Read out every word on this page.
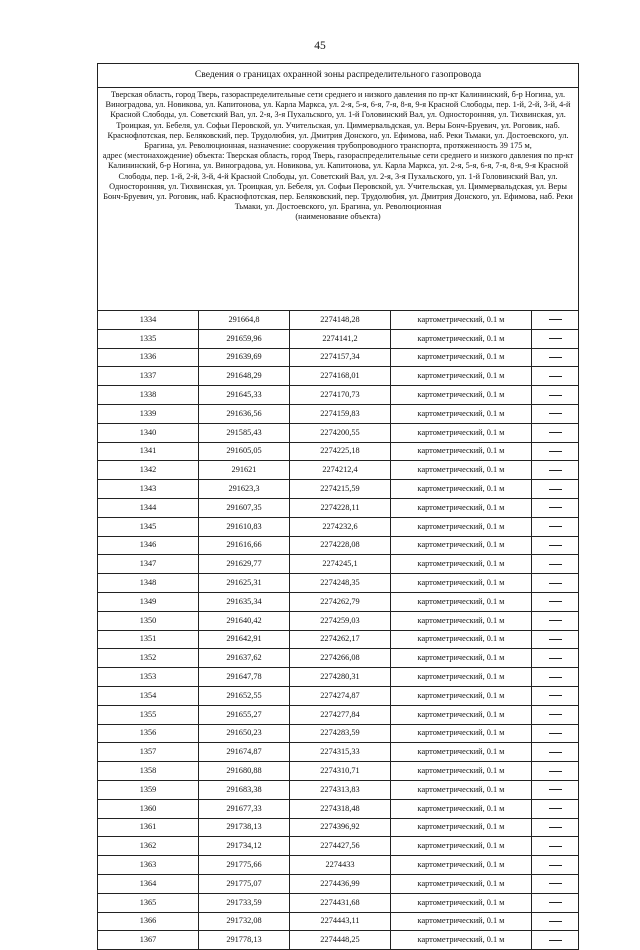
45
Сведения о границах охранной зоны распределительного газопровода				

Тверская область, город Тверь, газораспределительные сети среднего и низкого давления по пр-кт Калининский, б-р Ногина, ул. Виноградова, ул. Новикова, ул. Капитонова, ул. Карла Маркса, ул. 2-я, 5-я, 6-я, 7-я, 8-я, 9-я Красной Слободы, пер. 1-й, 2-й, 3-й, 4-й Красной Слободы, ул. Советский Вал, ул. 2-я, 3-я Пухальского, ул. 1-й Головинский Вал, ул. Односторонняя, ул. Тихвинская, ул. Троицкая, ул. Бебеля, ул. Софьи Перовской, ул. Учительская, ул. Циммервальдская, ул. Веры Бонч-Бруевич, ул. Роговик, наб. Краснофлотская, пер. Беляковский, пер. Трудолюбия, ул. Дмитрия Донского, ул. Ефимова, наб. Реки Тьмаки, ул. Достоевского, ул. Брагина, ул. Революционная, назначение: сооружения трубопроводного транспорта, протяженность 39 175 м,
адрес (местонахождение) объекта: Тверская область, город Тверь, газораспределительные сети среднего и низкого давления по пр-кт Калининский, б-р Ногина, ул. Виноградова, ул. Новикова, ул. Капитонова, ул. Карла Маркса, ул. 2-я, 5-я, 6-я, 7-я, 8-я, 9-я Красной Слободы, пер. 1-й, 2-й, 3-й, 4-й Красной Слободы, ул. Советский Вал, ул. 2-я, 3-я Пухальского, ул. 1-й Головинский Вал, ул. Односторонняя, ул. Тихвинская, ул. Троицкая, ул. Бебеля, ул. Софьи Перовской, ул. Учительская, ул. Циммервальдская, ул. Веры Бонч-Бруевич, ул. Роговик, наб. Краснофлотская, пер. Беляковский, пер. Трудолюбия, ул. Дмитрия Донского, ул. Ефимова, наб. Реки Тьмаки, ул. Достоевского, ул. Брагина, ул. Революционная
(наименование объекта)				

1334	291664,8	2274148,28	картометрический, 0.1 м	
1335	291659,96	2274141,2	картометрический, 0.1 м	
1336	291639,69	2274157,34	картометрический, 0.1 м	
1337	291648,29	2274168,01	картометрический, 0.1 м	
1338	291645,33	2274170,73	картометрический, 0.1 м	
1339	291636,56	2274159,83	картометрический, 0.1 м	
1340	291585,43	2274200,55	картометрический, 0.1 м	
1341	291605,05	2274225,18	картометрический, 0.1 м	
1342	291621	2274212,4	картометрический, 0.1 м	
1343	291623,3	2274215,59	картометрический, 0.1 м	
1344	291607,35	2274228,11	картометрический, 0.1 м	
1345	291610,83	2274232,6	картометрический, 0.1 м	
1346	291616,66	2274228,08	картометрический, 0.1 м	
1347	291629,77	2274245,1	картометрический, 0.1 м	
1348	291625,31	2274248,35	картометрический, 0.1 м	
1349	291635,34	2274262,79	картометрический, 0.1 м	
1350	291640,42	2274259,03	картометрический, 0.1 м	
1351	291642,91	2274262,17	картометрический, 0.1 м	
1352	291637,62	2274266,08	картометрический, 0.1 м	
1353	291647,78	2274280,31	картометрический, 0.1 м	
1354	291652,55	2274274,87	картометрический, 0.1 м	
1355	291655,27	2274277,84	картометрический, 0.1 м	
1356	291650,23	2274283,59	картометрический, 0.1 м	
1357	291674,87	2274315,33	картометрический, 0.1 м	
1358	291680,88	2274310,71	картометрический, 0.1 м	
1359	291683,38	2274313,83	картометрический, 0.1 м	
1360	291677,33	2274318,48	картометрический, 0.1 м	
1361	291738,13	2274396,92	картометрический, 0.1 м	
1362	291734,12	2274427,56	картометрический, 0.1 м	
1363	291775,66	2274433	картометрический, 0.1 м	
1364	291775,07	2274436,99	картометрический, 0.1 м	
1365	291733,59	2274431,68	картометрический, 0.1 м	
1366	291732,08	2274443,11	картометрический, 0.1 м	
1367	291778,13	2274448,25	картометрический, 0.1 м	
